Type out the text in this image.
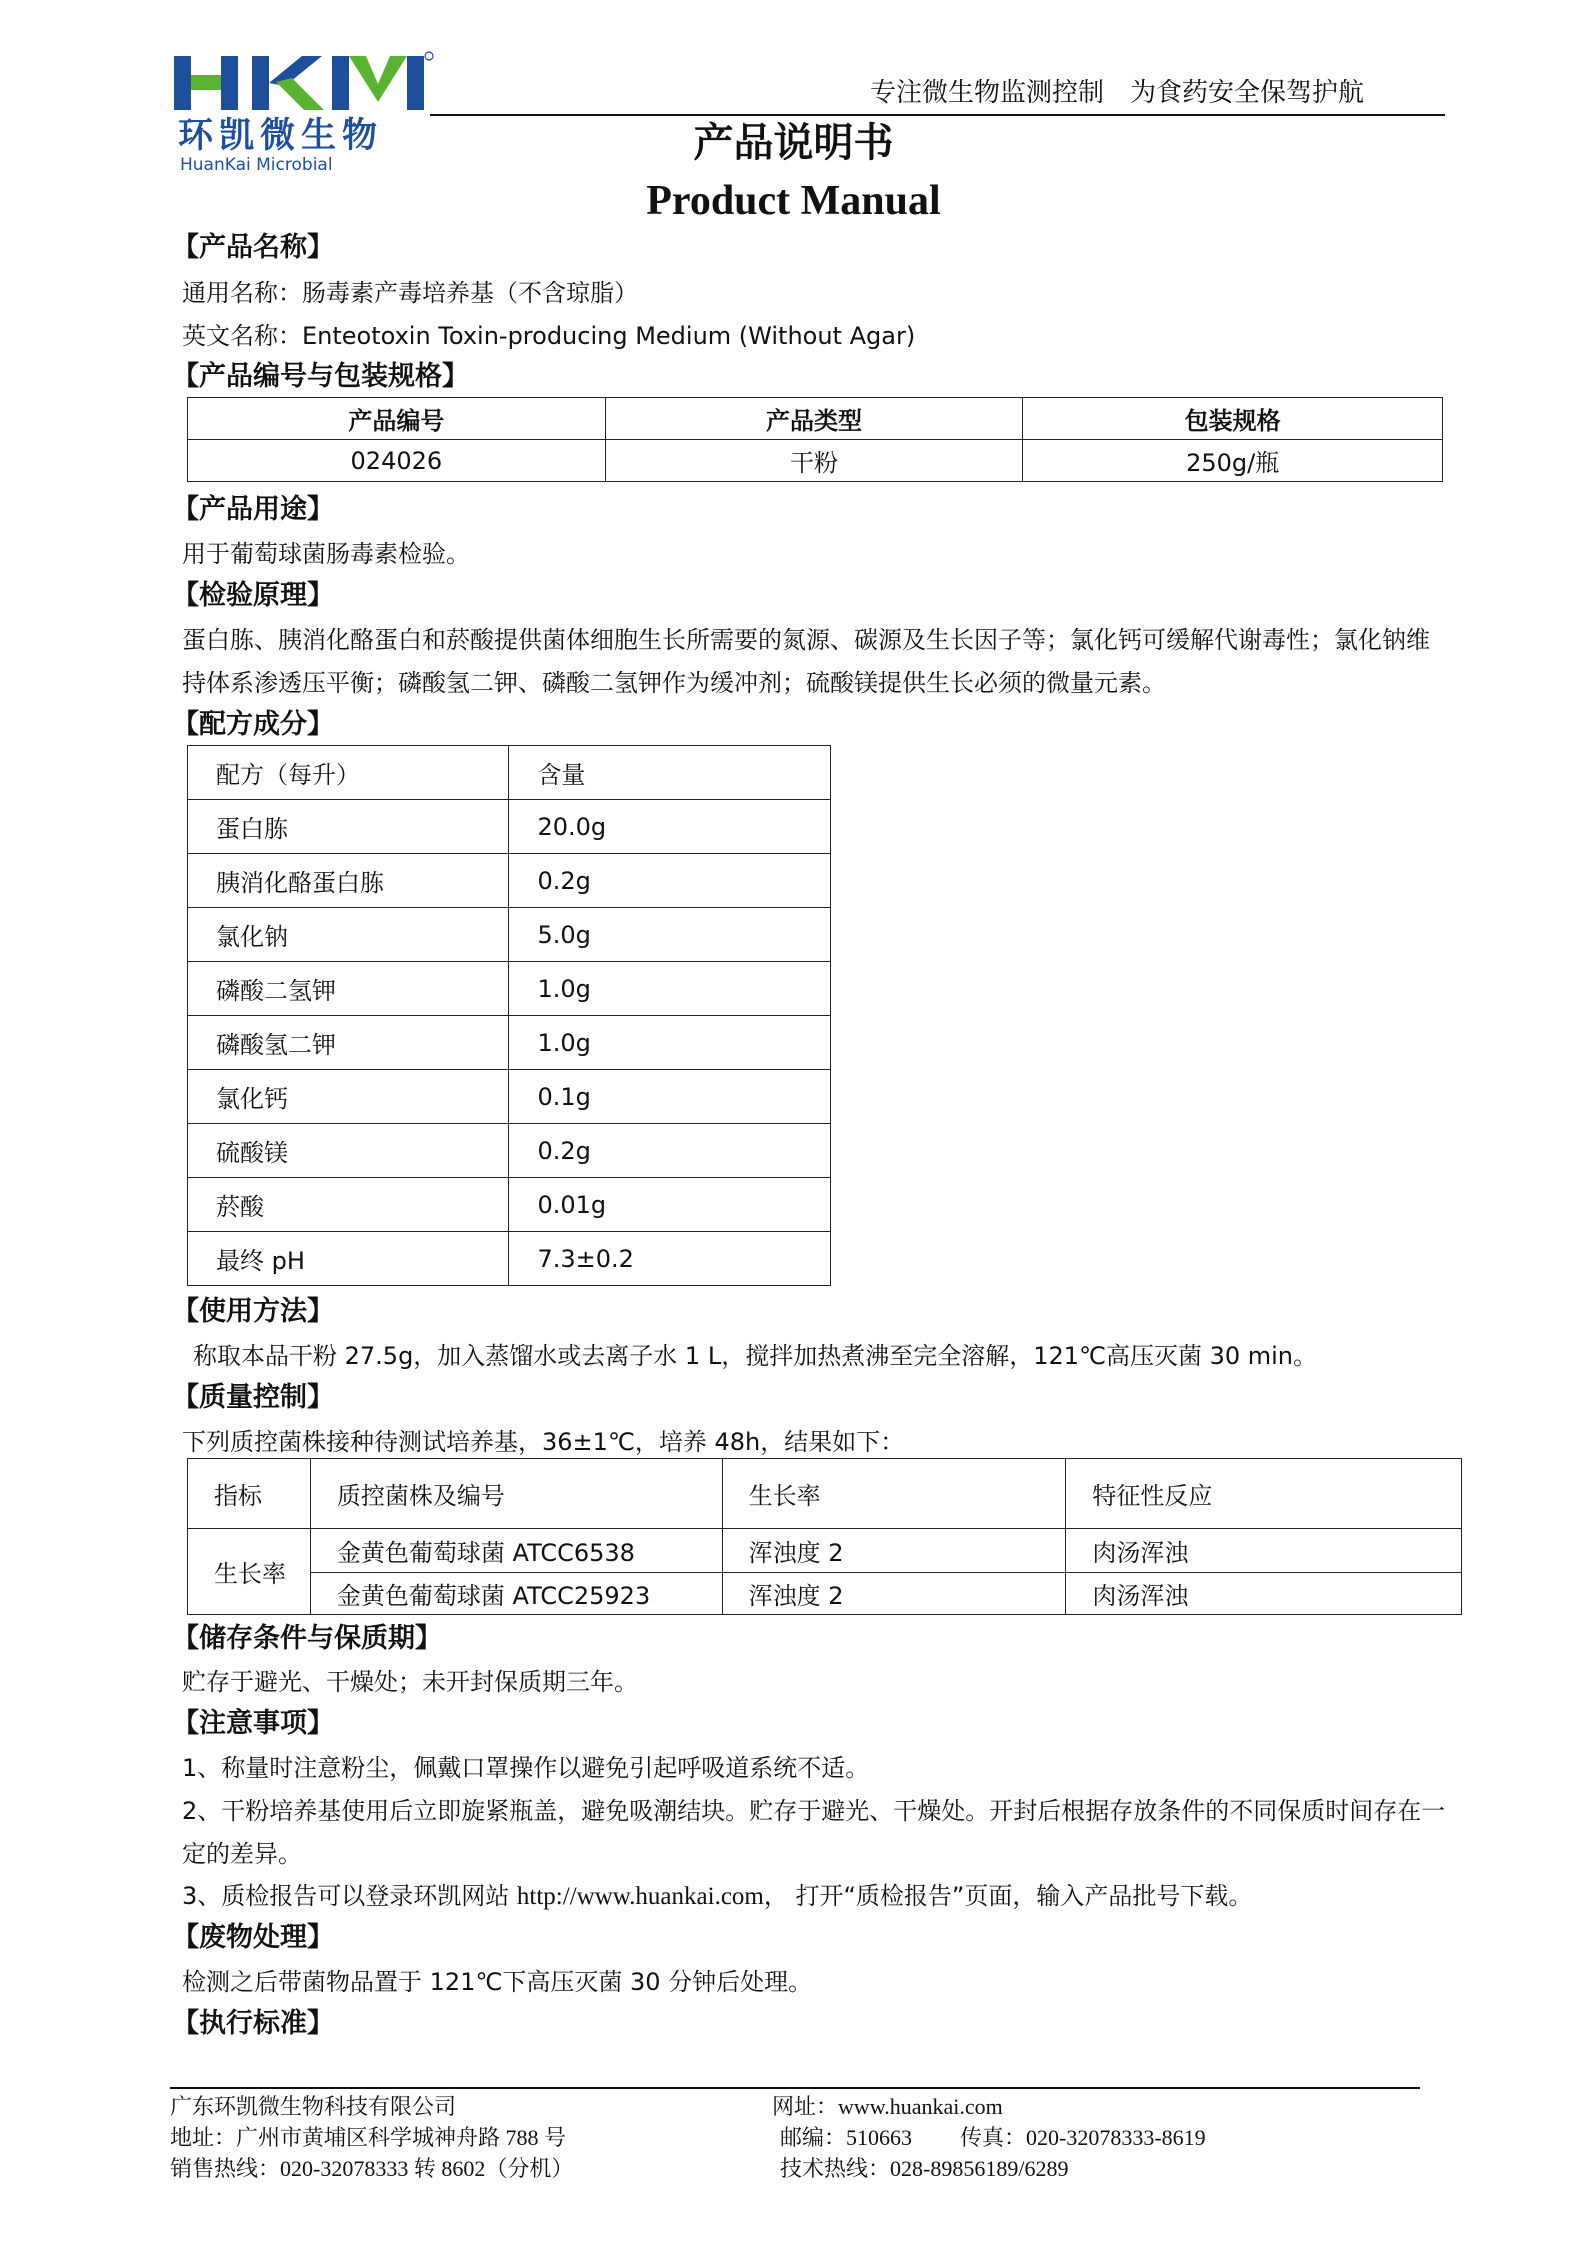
环凯微生物
HuanKai Microbial
专注微生物监测控制　为食药安全保驾护航
产品说明书
Product Manual
【产品名称】
通用名称：肠毒素产毒培养基（不含琼脂）
英文名称：Enteotoxin Toxin-producing Medium (Without Agar)
【产品编号与包装规格】
产品编号	产品类型	包装规格
024026	干粉	250g/瓶
【产品用途】
用于葡萄球菌肠毒素检验。
【检验原理】
蛋白胨、胰消化酪蛋白和菸酸提供菌体细胞生长所需要的氮源、碳源及生长因子等；氯化钙可缓解代谢毒性；氯化钠维
持体系渗透压平衡；磷酸氢二钾、磷酸二氢钾作为缓冲剂；硫酸镁提供生长必须的微量元素。
【配方成分】
配方（每升）	含量
蛋白胨	20.0g
胰消化酪蛋白胨	0.2g
氯化钠	5.0g
磷酸二氢钾	1.0g
磷酸氢二钾	1.0g
氯化钙	0.1g
硫酸镁	0.2g
菸酸	0.01g
最终 pH	7.3±0.2
【使用方法】
称取本品干粉 27.5g，加入蒸馏水或去离子水 1 L，搅拌加热煮沸至完全溶解，121℃高压灭菌 30 min。
【质量控制】
下列质控菌株接种待测试培养基，36±1℃，培养 48h，结果如下：
指标	质控菌株及编号	生长率	特征性反应
生长率	金黄色葡萄球菌 ATCC6538	浑浊度 2	肉汤浑浊
	金黄色葡萄球菌 ATCC25923	浑浊度 2	肉汤浑浊
【储存条件与保质期】
贮存于避光、干燥处；未开封保质期三年。
【注意事项】
1、称量时注意粉尘，佩戴口罩操作以避免引起呼吸道系统不适。
2、干粉培养基使用后立即旋紧瓶盖，避免吸潮结块。贮存于避光、干燥处。开封后根据存放条件的不同保质时间存在一
定的差异。
3、质检报告可以登录环凯网站 http://www.huankai.com， 打开“质检报告”页面，输入产品批号下载。
【废物处理】
检测之后带菌物品置于 121℃下高压灭菌 30 分钟后处理。
【执行标准】
广东环凯微生物科技有限公司
地址：广州市黄埔区科学城神舟路 788 号
销售热线：020-32078333 转 8602（分机）
网址：www.huankai.com
邮编：510663 传真：020-32078333-8619
技术热线：028-89856189/6289
